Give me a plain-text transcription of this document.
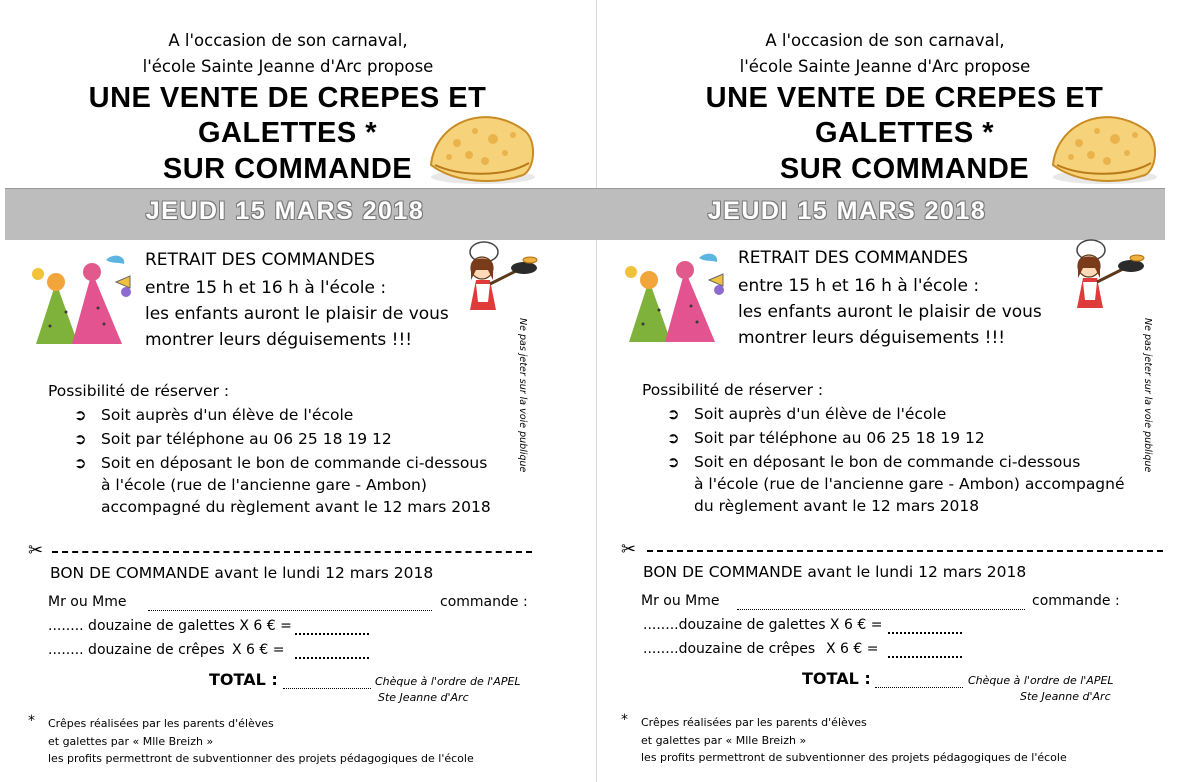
A l'occasion de son carnaval,
l'école Sainte Jeanne d'Arc propose
UNE VENTE DE CREPES ET
GALETTES *
SUR COMMANDE
JEUDI 15 MARS 2018
RETRAIT DES COMMANDES
entre 15 h et 16 h à l'école :
les enfants auront le plaisir de vous
montrer leurs déguisements !!!	Ne pas jeter sur la voie publique
Possibilité de réserver :
➲ Soit auprès d'un élève de l'école
➲ Soit par téléphone au 06 25 18 19 12
➲ Soit en déposant le bon de commande ci-dessous
à l'école (rue de l'ancienne gare - Ambon)
accompagné du règlement avant le 12 mars 2018
✂
BON DE COMMANDE avant le lundi 12 mars 2018
Mr ou Mme	commande :
........ douzaine de galettes X 6 € =
........ douzaine de crêpes X 6 € =
TOTAL :	Chèque à l'ordre de l'APEL
Ste Jeanne d'Arc
* Crêpes réalisées par les parents d'élèves
et galettes par « Mlle Breizh »
les profits permettront de subventionner des projets pédagogiques de l'école
A l'occasion de son carnaval,
l'école Sainte Jeanne d'Arc propose
UNE VENTE DE CREPES ET
GALETTES *
SUR COMMANDE
JEUDI 15 MARS 2018
RETRAIT DES COMMANDES
entre 15 h et 16 h à l'école :
les enfants auront le plaisir de vous
montrer leurs déguisements !!!	Ne pas jeter sur la voie publique
Possibilité de réserver :
➲ Soit auprès d'un élève de l'école
➲ Soit par téléphone au 06 25 18 19 12
➲ Soit en déposant le bon de commande ci-dessous
à l'école (rue de l'ancienne gare - Ambon) accompagné
du règlement avant le 12 mars 2018
✂
BON DE COMMANDE avant le lundi 12 mars 2018
Mr ou Mme	commande :
........douzaine de galettes X 6 € =
........douzaine de crêpes X 6 € =
TOTAL :	Chèque à l'ordre de l'APEL
Ste Jeanne d'Arc
* Crêpes réalisées par les parents d'élèves
et galettes par « Mlle Breizh »
les profits permettront de subventionner des projets pédagogiques de l'école
